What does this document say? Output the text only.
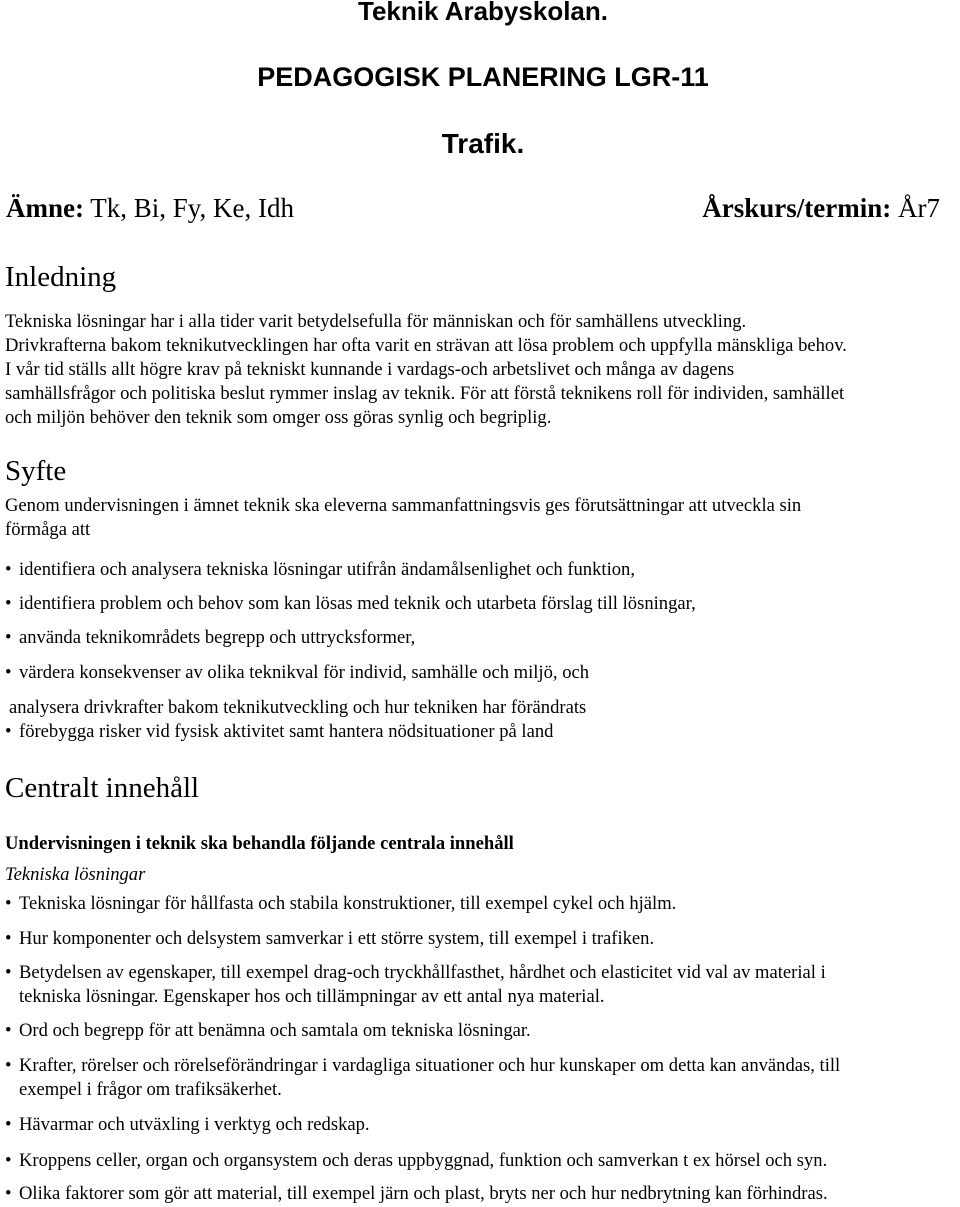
Teknik Arabyskolan.
PEDAGOGISK PLANERING LGR-11
Trafik.
Ämne: Tk, Bi, Fy, Ke, Idh	Årskurs/termin: År7
Inledning
Tekniska lösningar har i alla tider varit betydelsefulla för människan och för samhällens utveckling.
Drivkrafterna bakom teknikutvecklingen har ofta varit en strävan att lösa problem och uppfylla mänskliga behov.
I vår tid ställs allt högre krav på tekniskt kunnande i vardags-och arbetslivet och många av dagens
samhällsfrågor och politiska beslut rymmer inslag av teknik. För att förstå teknikens roll för individen, samhället
och miljön behöver den teknik som omger oss göras synlig och begriplig.
Syfte
Genom undervisningen i ämnet teknik ska eleverna sammanfattningsvis ges förutsättningar att utveckla sin
förmåga att
• identifiera och analysera tekniska lösningar utifrån ändamålsenlighet och funktion,
• identifiera problem och behov som kan lösas med teknik och utarbeta förslag till lösningar,
• använda teknikområdets begrepp och uttrycksformer,
• värdera konsekvenser av olika teknikval för individ, samhälle och miljö, och
analysera drivkrafter bakom teknikutveckling och hur tekniken har förändrats
• förebygga risker vid fysisk aktivitet samt hantera nödsituationer på land
Centralt innehåll
Undervisningen i teknik ska behandla följande centrala innehåll
Tekniska lösningar
• Tekniska lösningar för hållfasta och stabila konstruktioner, till exempel cykel och hjälm.
• Hur komponenter och delsystem samverkar i ett större system, till exempel i trafiken.
• Betydelsen av egenskaper, till exempel drag-och tryckhållfasthet, hårdhet och elasticitet vid val av material i
tekniska lösningar. Egenskaper hos och tillämpningar av ett antal nya material.
• Ord och begrepp för att benämna och samtala om tekniska lösningar.
• Krafter, rörelser och rörelseförändringar i vardagliga situationer och hur kunskaper om detta kan användas, till
exempel i frågor om trafiksäkerhet.
• Hävarmar och utväxling i verktyg och redskap.
• Kroppens celler, organ och organsystem och deras uppbyggnad, funktion och samverkan t ex hörsel och syn.
• Olika faktorer som gör att material, till exempel järn och plast, bryts ner och hur nedbrytning kan förhindras.
